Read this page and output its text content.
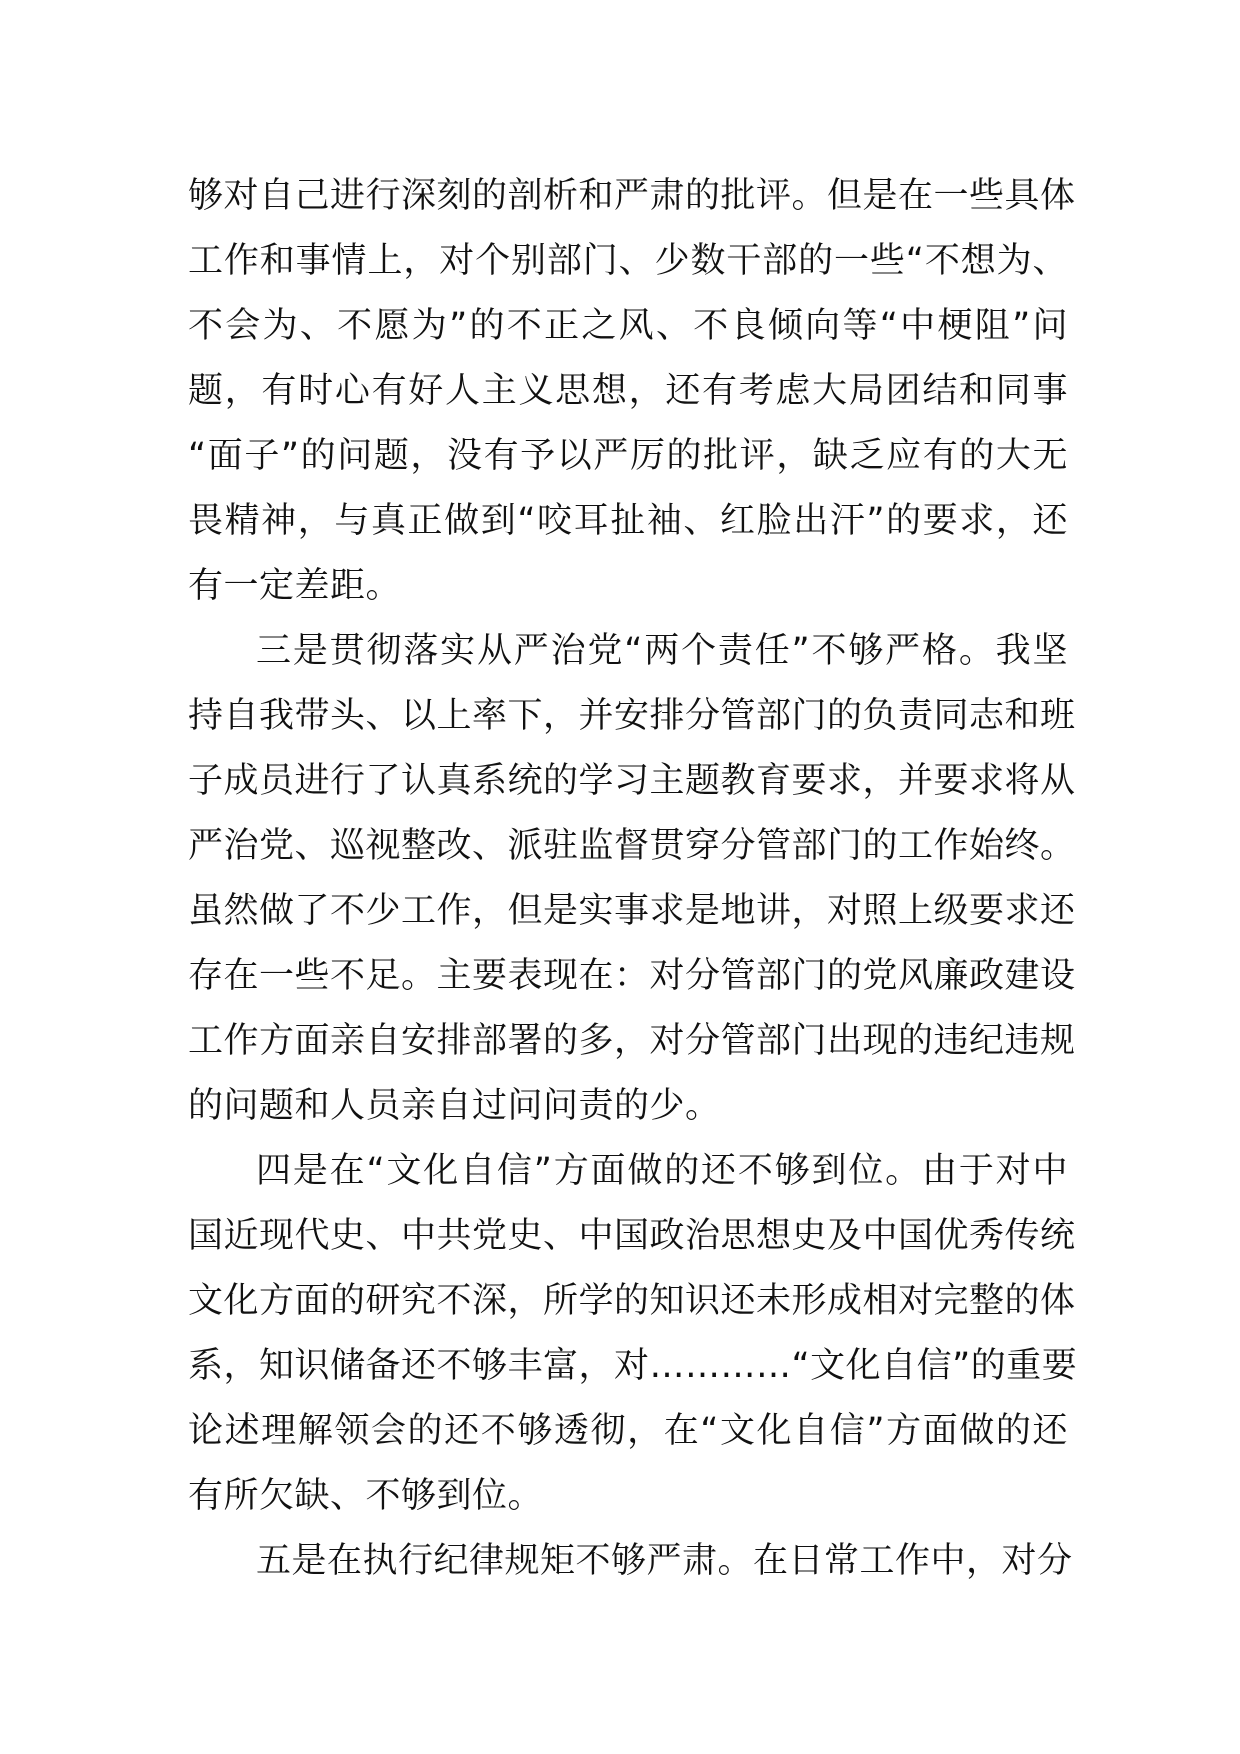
够对自己进行深刻的剖析和严肃的批评。但是在一些具体
工作和事情上，对个别部门、少数干部的一些“不想为、
不会为、不愿为”的不正之风、不良倾向等“中梗阻”问
题，有时心有好人主义思想，还有考虑大局团结和同事
“面子”的问题，没有予以严厉的批评，缺乏应有的大无
畏精神，与真正做到“咬耳扯袖、红脸出汗”的要求，还
有一定差距。
三是贯彻落实从严治党“两个责任”不够严格。我坚
持自我带头、以上率下，并安排分管部门的负责同志和班
子成员进行了认真系统的学习主题教育要求，并要求将从
严治党、巡视整改、派驻监督贯穿分管部门的工作始终。
虽然做了不少工作，但是实事求是地讲，对照上级要求还
存在一些不足。主要表现在：对分管部门的党风廉政建设
工作方面亲自安排部署的多，对分管部门出现的违纪违规
的问题和人员亲自过问问责的少。
四是在“文化自信”方面做的还不够到位。由于对中
国近现代史、中共党史、中国政治思想史及中国优秀传统
文化方面的研究不深，所学的知识还未形成相对完整的体
系，知识储备还不够丰富，对…………“文化自信”的重要
论述理解领会的还不够透彻，在“文化自信”方面做的还
有所欠缺、不够到位。
五是在执行纪律规矩不够严肃。在日常工作中，对分
